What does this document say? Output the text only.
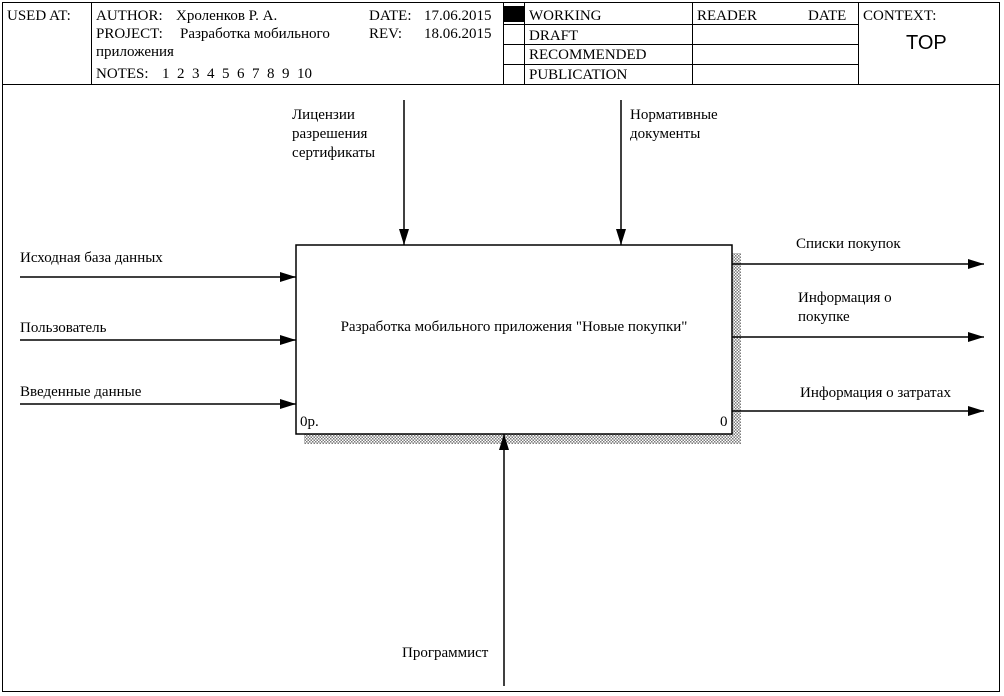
USED AT: AUTHOR: Хроленков Р. А.
PROJECT: Разработка мобильного
приложения
NOTES: 1  2  3  4  5  6  7  8  9  10
DATE: 17.06.2015
REV: 18.06.2015
WORKING
DRAFT
RECOMMENDED
PUBLICATION
READER	DATE CONTEXT:
TOP
Разработка мобильного приложения "Новые покупки"
0р.	0
Исходная база данных
Пользователь
Введенные данные
Лицензии
разрешения
сертификаты
Нормативные
документы
Списки покупок
Информация о
покупке
Информация о затратах
Программист
